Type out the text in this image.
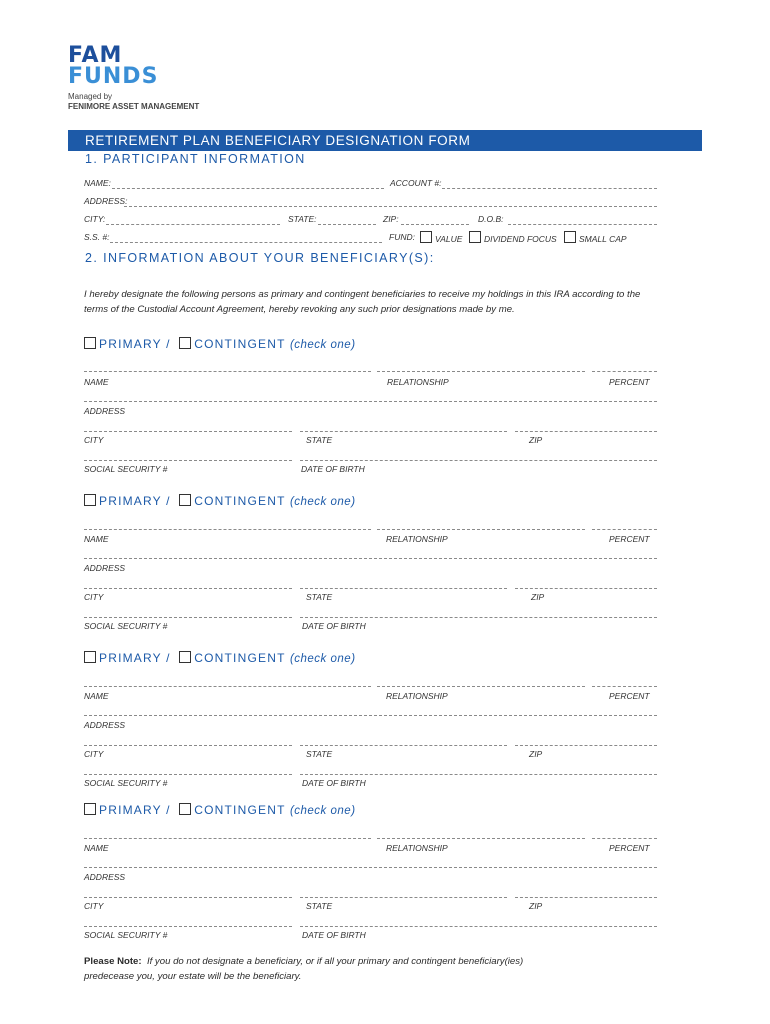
FAM
FUNDS
Managed by
FENIMORE ASSET MANAGEMENT
RETIREMENT PLAN BENEFICIARY DESIGNATION FORM
1. PARTICIPANT INFORMATION
NAME:	ACCOUNT #:
ADDRESS:
CITY:	STATE:	ZIP:	D.O.B:
S.S. #:	FUND:	VALUE	DIVIDEND FOCUS	SMALL CAP
2. INFORMATION ABOUT YOUR BENEFICIARY(S):
I hereby designate the following persons as primary and contingent beneficiaries to receive my holdings in this IRA according to the
terms of the Custodial Account Agreement, hereby revoking any such prior designations made by me.
PRIMARY / CONTINGENT (check one)
NAME	RELATIONSHIP	PERCENT
ADDRESS
CITY	STATE	ZIP
SOCIAL SECURITY #	DATE OF BIRTH
PRIMARY / CONTINGENT (check one)
NAME	RELATIONSHIP	PERCENT
ADDRESS
CITY	STATE	ZIP
SOCIAL SECURITY #	DATE OF BIRTH
PRIMARY / CONTINGENT (check one)
NAME	RELATIONSHIP	PERCENT
ADDRESS
CITY	STATE	ZIP
SOCIAL SECURITY #	DATE OF BIRTH
PRIMARY / CONTINGENT (check one)
NAME	RELATIONSHIP	PERCENT
ADDRESS
CITY	STATE	ZIP
SOCIAL SECURITY #	DATE OF BIRTH
Please Note: If you do not designate a beneficiary, or if all your primary and contingent beneficiary(ies)
predecease you, your estate will be the beneficiary.
